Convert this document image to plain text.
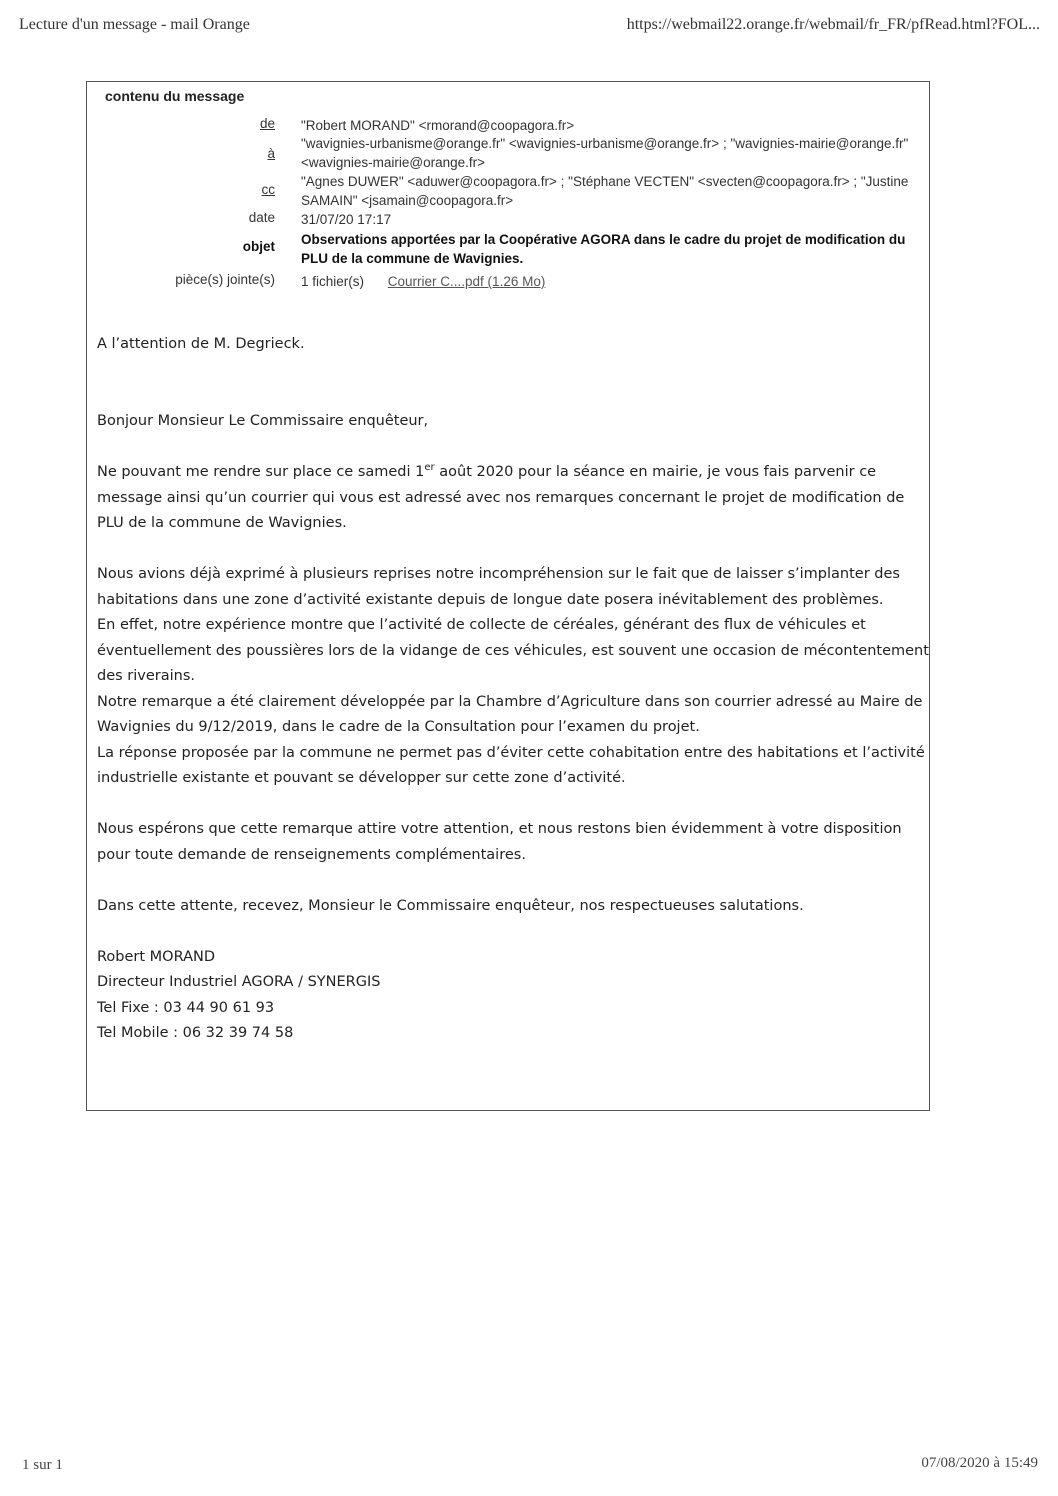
Lecture d'un message - mail Orange	https://webmail22.orange.fr/webmail/fr_FR/pfRead.html?FOL...
contenu du message
de "Robert MORAND" <rmorand@coopagora.fr>
à
"wavignies-urbanisme@orange.fr" <wavignies-urbanisme@orange.fr> ; "wavignies-mairie@orange.fr" <wavignies-mairie@orange.fr>
cc
"Agnes DUWER" <aduwer@coopagora.fr> ; "Stéphane VECTEN" <svecten@coopagora.fr> ; "Justine SAMAIN" <jsamain@coopagora.fr>
date 31/07/20 17:17
objet Observations apportées par la Coopérative AGORA dans le cadre du projet de modification du PLU de la commune de Wavignies.
pièce(s) jointe(s) 1 fichier(s) Courrier C....pdf (1.26 Mo)

A l’attention de M. Degrieck.

Bonjour Monsieur Le Commissaire enquêteur,

Ne pouvant me rendre sur place ce samedi 1er août 2020 pour la séance en mairie, je vous fais parvenir ce message ainsi qu’un courrier qui vous est adressé avec nos remarques concernant le projet de modification de PLU de la commune de Wavignies.

Nous avions déjà exprimé à plusieurs reprises notre incompréhension sur le fait que de laisser s’implanter des habitations dans une zone d’activité existante depuis de longue date posera inévitablement des problèmes.

En effet, notre expérience montre que l’activité de collecte de céréales, générant des flux de véhicules et éventuellement des poussières lors de la vidange de ces véhicules, est souvent une occasion de mécontentement des riverains.

Notre remarque a été clairement développée par la Chambre d’Agriculture dans son courrier adressé au Maire de Wavignies du 9/12/2019, dans le cadre de la Consultation pour l’examen du projet.

La réponse proposée par la commune ne permet pas d’éviter cette cohabitation entre des habitations et l’activité industrielle existante et pouvant se développer sur cette zone d’activité.

Nous espérons que cette remarque attire votre attention, et nous restons bien évidemment à votre disposition pour toute demande de renseignements complémentaires.

Dans cette attente, recevez, Monsieur le Commissaire enquêteur, nos respectueuses salutations.

Robert MORAND

Directeur Industriel AGORA / SYNERGIS

Tel Fixe : 03 44 90 61 93

Tel Mobile : 06 32 39 74 58

1 sur 1	07/08/2020 à 15:49
